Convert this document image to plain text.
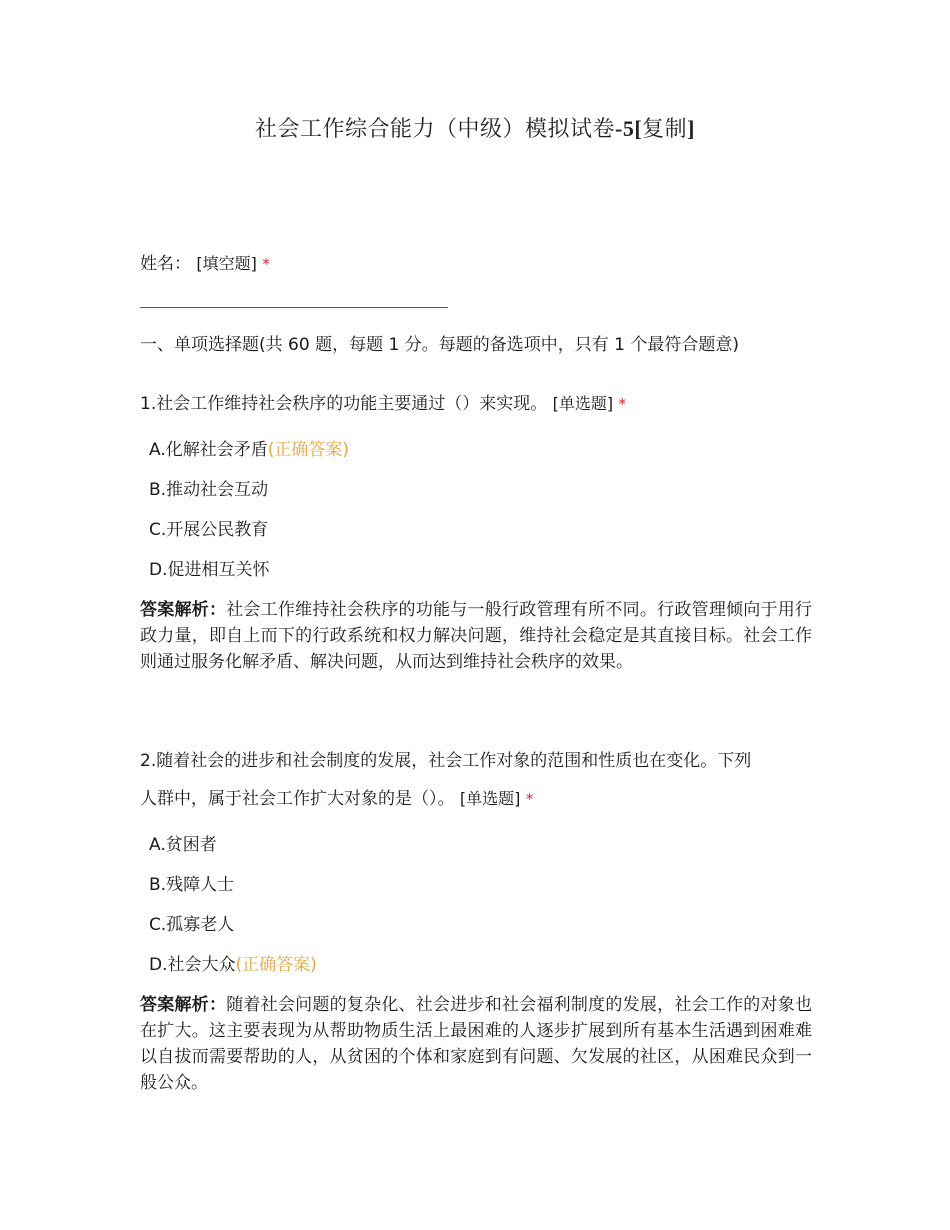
社会工作综合能力（中级）模拟试卷-5[复制]
姓名： [填空题] *
一、单项选择题(共 60 题，每题 1 分。每题的备选项中，只有 1 个最符合题意)
1.社会工作维持社会秩序的功能主要通过（）来实现。 [单选题] *
A.化解社会矛盾(正确答案)
B.推动社会互动
C.开展公民教育
D.促进相互关怀
答案解析：社会工作维持社会秩序的功能与一般行政管理有所不同。行政管理倾向于用行政力量，即自上而下的行政系统和权力解决问题，维持社会稳定是其直接目标。社会工作则通过服务化解矛盾、解决问题，从而达到维持社会秩序的效果。
2.随着社会的进步和社会制度的发展，社会工作对象的范围和性质也在变化。下列
人群中，属于社会工作扩大对象的是（）。 [单选题] *
A.贫困者
B.残障人士
C.孤寡老人
D.社会大众(正确答案)
答案解析：随着社会问题的复杂化、社会进步和社会福利制度的发展，社会工作的对象也在扩大。这主要表现为从帮助物质生活上最困难的人逐步扩展到所有基本生活遇到困难难以自拔而需要帮助的人，从贫困的个体和家庭到有问题、欠发展的社区，从困难民众到一般公众。
